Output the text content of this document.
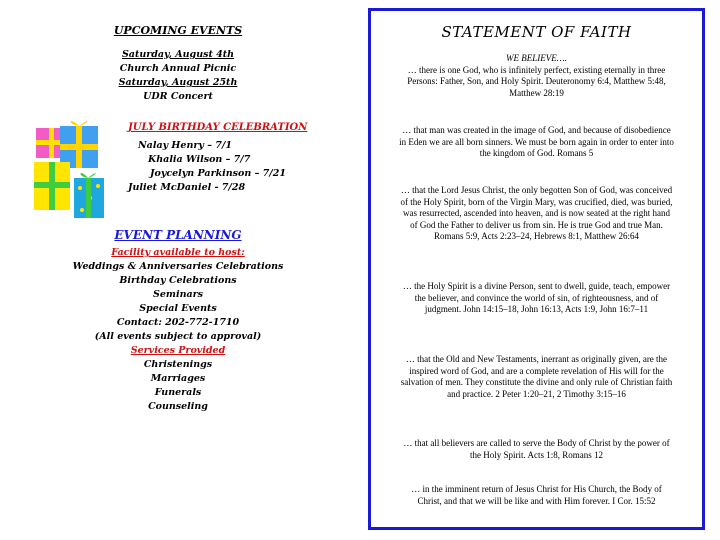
UPCOMING EVENTS
Saturday, August 4th
Church Annual Picnic
Saturday, August 25th
UDR Concert
JULY BIRTHDAY CELEBRATION
Nalay Henry – 7/1
Khalia Wilson – 7/7
Joycelyn Parkinson – 7/21
Juliet McDaniel - 7/28
EVENT PLANNING
Facility available to host:
Weddings & Anniversaries Celebrations
Birthday Celebrations
Seminars
Special Events
Contact: 202-772-1710
(All events subject to approval)
Services Provided
Christenings
Marriages
Funerals
Counseling
STATEMENT OF FAITH
WE BELIEVE….
… there is one God, who is infinitely perfect, existing eternally in three Persons: Father, Son, and Holy Spirit. Deuteronomy 6:4, Matthew 5:48, Matthew 28:19
… that man was created in the image of God, and because of disobedience in Eden we are all born sinners. We must be born again in order to enter into the kingdom of God. Romans 5
… that the Lord Jesus Christ, the only begotten Son of God, was conceived of the Holy Spirit, born of the Virgin Mary, was crucified, died, was buried, was resurrected, ascended into heaven, and is now seated at the right hand of God the Father to deliver us from sin. He is true God and true Man. Romans 5:9, Acts 2:23–24, Hebrews 8:1, Matthew 26:64
… the Holy Spirit is a divine Person, sent to dwell, guide, teach, empower the believer, and convince the world of sin, of righteousness, and of judgment. John 14:15–18, John 16:13, Acts 1:9, John 16:7–11
… that the Old and New Testaments, inerrant as originally given, are the inspired word of God, and are a complete revelation of His will for the salvation of men. They constitute the divine and only rule of Christian faith and practice. 2 Peter 1:20–21, 2 Timothy 3:15–16
… that all believers are called to serve the Body of Christ by the power of the Holy Spirit. Acts 1:8, Romans 12
… in the imminent return of Jesus Christ for His Church, the Body of Christ, and that we will be like and with Him forever. I Cor. 15:52
